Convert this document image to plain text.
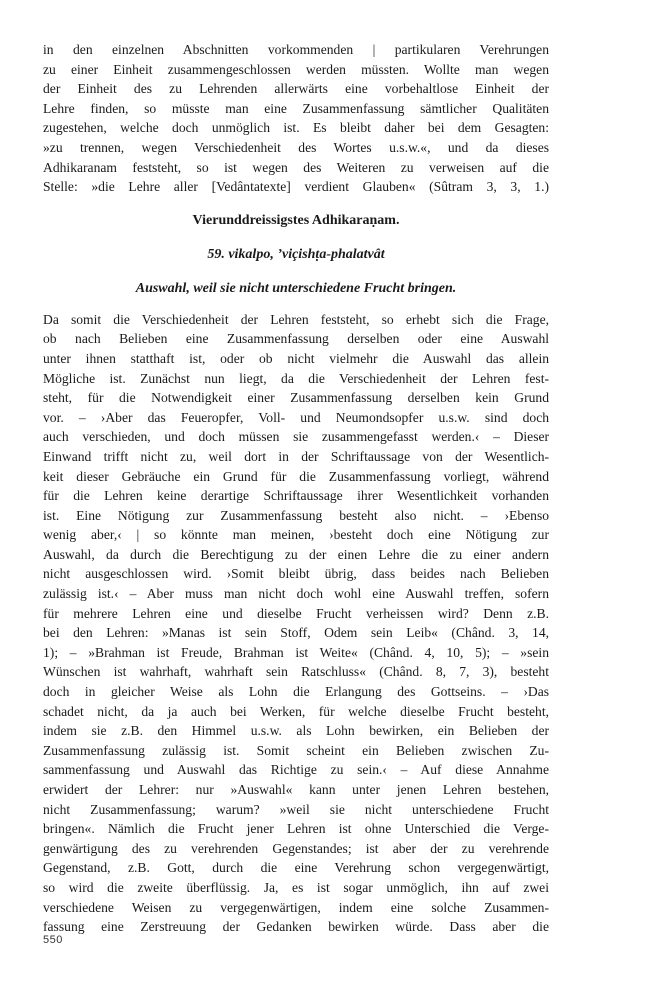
in den einzelnen Abschnitten vorkommenden | partikularen Verehrungen
zu einer Einheit zusammengeschlossen werden müssten. Wollte man wegen
der Einheit des zu Lehrenden allerwärts eine vorbehaltlose Einheit der
Lehre finden, so müsste man eine Zusammenfassung sämtlicher Qualitäten
zugestehen, welche doch unmöglich ist. Es bleibt daher bei dem Gesagten:
»zu trennen, wegen Verschiedenheit des Wortes u.s.w.«, und da dieses
Adhikaranam feststeht, so ist wegen des Weiteren zu verweisen auf die
Stelle: »die Lehre aller [Vedântatexte] verdient Glauben« (Sûtram 3, 3, 1.)

Vierunddreissigstes Adhikaraṇam.

59. vikalpo, ’viçishṭa-phalatvât

Auswahl, weil sie nicht unterschiedene Frucht bringen.

Da somit die Verschiedenheit der Lehren feststeht, so erhebt sich die Frage,
ob nach Belieben eine Zusammenfassung derselben oder eine Auswahl
unter ihnen statthaft ist, oder ob nicht vielmehr die Auswahl das allein
Mögliche ist. Zunächst nun liegt, da die Verschiedenheit der Lehren fest-
steht, für die Notwendigkeit einer Zusammenfassung derselben kein Grund
vor. – ›Aber das Feueropfer, Voll- und Neumondsopfer u.s.w. sind doch
auch verschieden, und doch müssen sie zusammengefasst werden.‹ – Dieser
Einwand trifft nicht zu, weil dort in der Schriftaussage von der Wesentlich-
keit dieser Gebräuche ein Grund für die Zusammenfassung vorliegt, während
für die Lehren keine derartige Schriftaussage ihrer Wesentlichkeit vorhanden
ist. Eine Nötigung zur Zusammenfassung besteht also nicht. – ›Ebenso
wenig aber,‹ | so könnte man meinen, ›besteht doch eine Nötigung zur
Auswahl, da durch die Berechtigung zu der einen Lehre die zu einer andern
nicht ausgeschlossen wird. ›Somit bleibt übrig, dass beides nach Belieben
zulässig ist.‹ – Aber muss man nicht doch wohl eine Auswahl treffen, sofern
für mehrere Lehren eine und dieselbe Frucht verheissen wird? Denn z.B.
bei den Lehren: »Manas ist sein Stoff, Odem sein Leib« (Chând. 3, 14,
1); – »Brahman ist Freude, Brahman ist Weite« (Chând. 4, 10, 5); – »sein
Wünschen ist wahrhaft, wahrhaft sein Ratschluss« (Chând. 8, 7, 3), besteht
doch in gleicher Weise als Lohn die Erlangung des Gottseins. – ›Das
schadet nicht, da ja auch bei Werken, für welche dieselbe Frucht besteht,
indem sie z.B. den Himmel u.s.w. als Lohn bewirken, ein Belieben der
Zusammenfassung zulässig ist. Somit scheint ein Belieben zwischen Zu-
sammenfassung und Auswahl das Richtige zu sein.‹ – Auf diese Annahme
erwidert der Lehrer: nur »Auswahl« kann unter jenen Lehren bestehen,
nicht Zusammenfassung; warum? »weil sie nicht unterschiedene Frucht
bringen«. Nämlich die Frucht jener Lehren ist ohne Unterschied die Verge-
genwärtigung des zu verehrenden Gegenstandes; ist aber der zu verehrende
Gegenstand, z.B. Gott, durch die eine Verehrung schon vergegenwärtigt,
so wird die zweite überflüssig. Ja, es ist sogar unmöglich, ihn auf zwei
verschiedene Weisen zu vergegenwärtigen, indem eine solche Zusammen-
fassung eine Zerstreuung der Gedanken bewirken würde. Dass aber die
550
